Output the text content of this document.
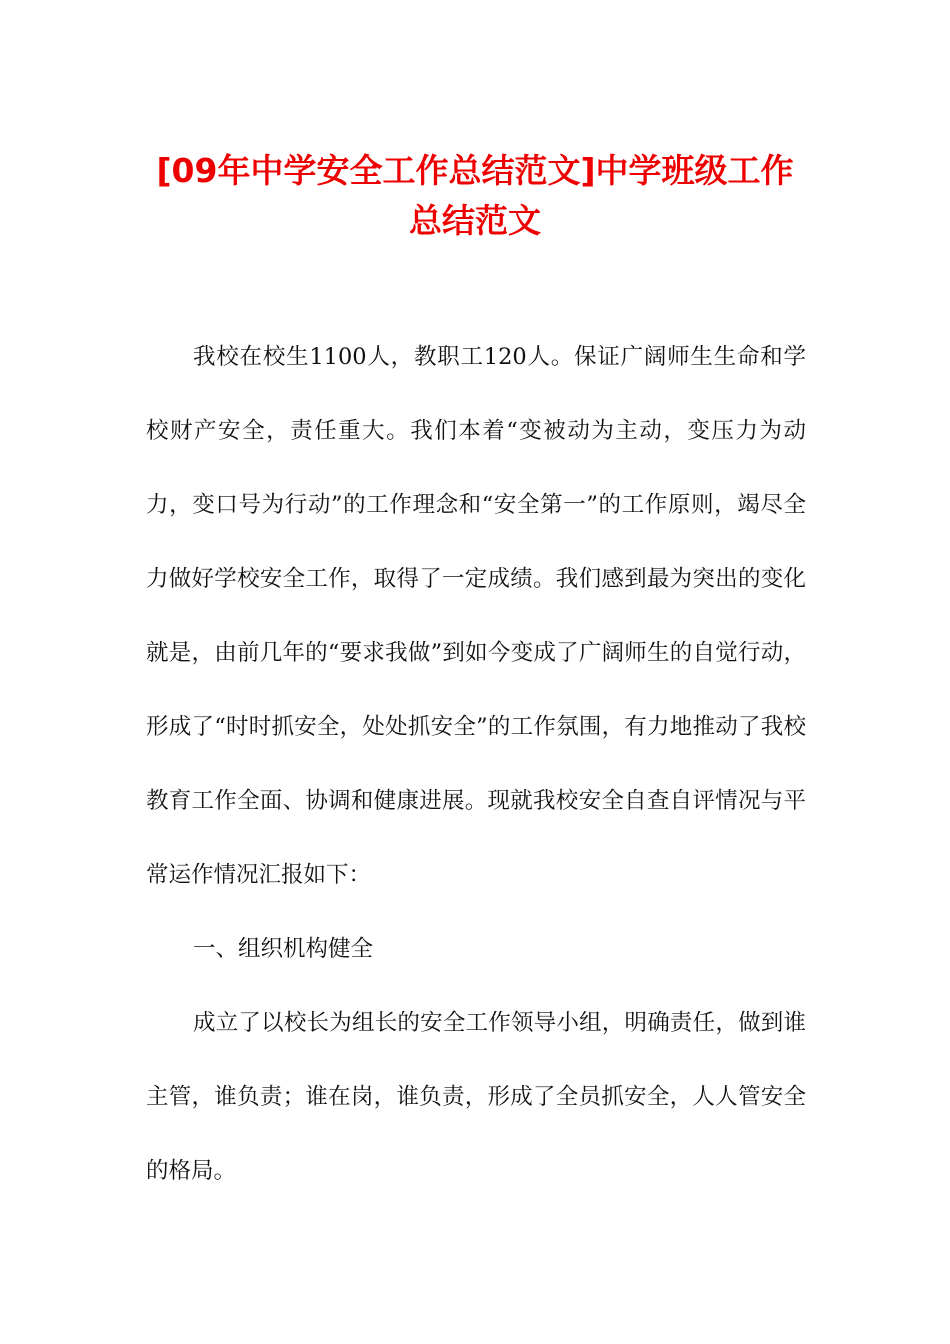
[09年中学安全工作总结范文]中学班级工作
总结范文

我校在校生1100人，教职工120人。保证广阔师生生命和学校财产安全，责任重大。我们本着“变被动为主动，变压力为动力，变口号为行动”的工作理念和“安全第一”的工作原则，竭尽全力做好学校安全工作，取得了一定成绩。我们感到最为突出的变化就是，由前几年的“要求我做”到如今变成了广阔师生的自觉行动，形成了“时时抓安全，处处抓安全”的工作氛围，有力地推动了我校教育工作全面、协调和健康进展。现就我校安全自查自评情况与平常运作情况汇报如下：

一、组织机构健全

成立了以校长为组长的安全工作领导小组，明确责任，做到谁主管，谁负责；谁在岗，谁负责，形成了全员抓安全，人人管安全的格局。
